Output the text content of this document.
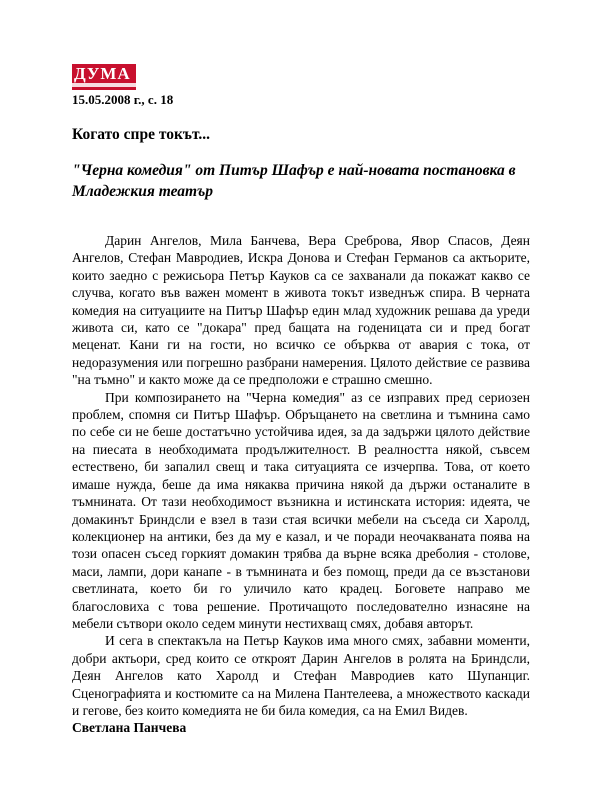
ДУМА
15.05.2008 г., с. 18
Когато спре токът...
"Черна комедия" от Питър Шафър е най-новата постановка в Младежкия театър

Дарин Ангелов, Мила Банчева, Вера Среброва, Явор Спасов, Деян Ангелов, Стефан Мавродиев, Искра Донова и Стефан Германов са актьорите, които заедно с режисьора Петър Кауков са се захванали да покажат какво се случва, когато във важен момент в живота токът изведнъж спира. В черната комедия на ситуациите на Питър Шафър един млад художник решава да уреди живота си, като се "докара" пред бащата на годеницата си и пред богат меценат. Кани ги на гости, но всичко се обърква от авария с тока, от недоразумения или погрешно разбрани намерения. Цялото действие се развива "на тъмно" и както може да се предположи е страшно смешно.

При композирането на "Черна комедия" аз се изправих пред сериозен проблем, спомня си Питър Шафър. Обръщането на светлина и тъмнина само по себе си не беше достатъчно устойчива идея, за да задържи цялото действие на пиесата в необходимата продължителност. В реалността някой, съвсем естествено, би запалил свещ и така ситуацията се изчерпва. Това, от което имаше нужда, беше да има някаква причина някой да държи останалите в тъмнината. От тази необходимост възникна и истинската история: идеята, че домакинът Бриндсли е взел в тази стая всички мебели на съседа си Харолд, колекционер на антики, без да му е казал, и че поради неочакваната поява на този опасен съсед горкият домакин трябва да върне всяка дреболия - столове, маси, лампи, дори канапе - в тъмнината и без помощ, преди да се възстанови светлината, което би го уличило като крадец. Боговете направо ме благословиха с това решение. Протичащото последователно изнасяне на мебели сътвори около седем минути нестихващ смях, добавя авторът.

И сега в спектакъла на Петър Кауков има много смях, забавни моменти, добри актьори, сред които се откроят Дарин Ангелов в ролята на Бриндсли, Деян Ангелов като Харолд и Стефан Мавродиев като Шупанциг. Сценографията и костюмите са на Милена Пантелеева, а множеството каскади и гегове, без които комедията не би била комедия, са на Емил Видев.

Светлана Панчева
